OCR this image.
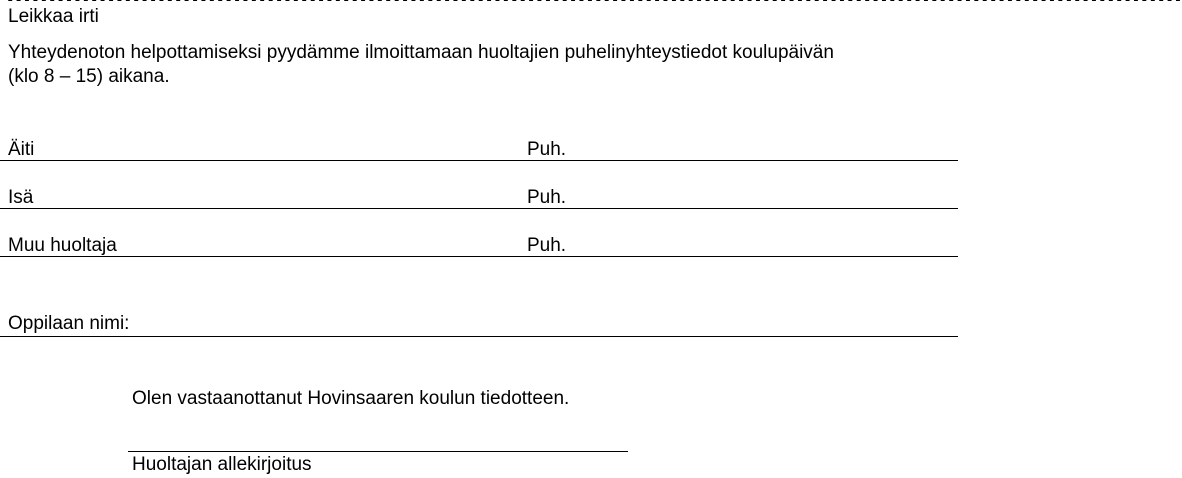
--------------------------------------------------------------------------------------------------------------------------------------------
Leikkaa irti
Yhteydenoton helpottamiseksi pyydämme ilmoittamaan huoltajien puhelinyhteystiedot koulupäivän
(klo 8 – 15) aikana.
Äiti	Puh.
Isä	Puh.
Muu huoltaja	Puh.
Oppilaan nimi:
Olen vastaanottanut Hovinsaaren koulun tiedotteen.
Huoltajan allekirjoitus
